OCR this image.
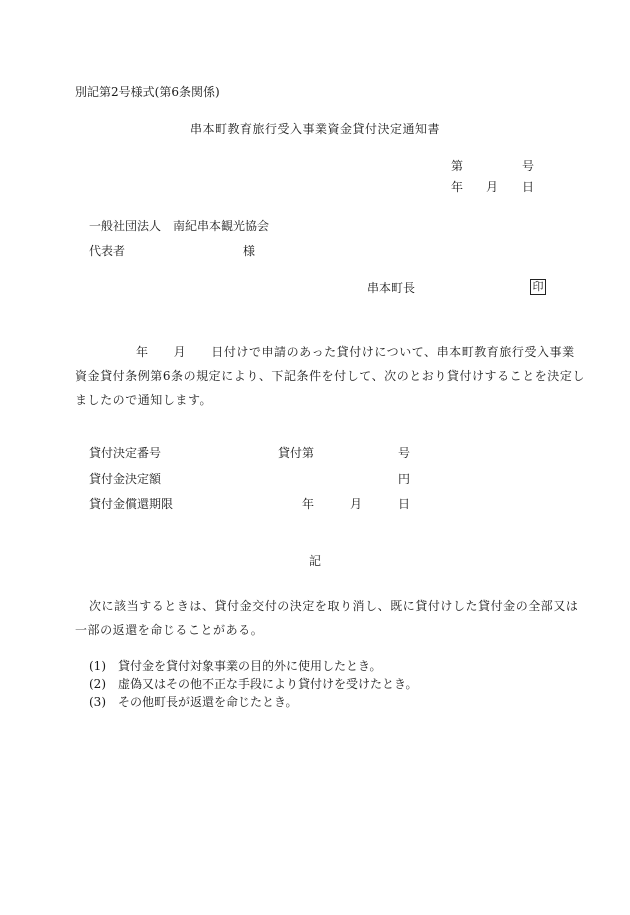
別記第2号様式(第6条関係)
串本町教育旅行受入事業資金貸付決定通知書
第	号
年 月 日
一般社団法人　南紀串本観光協会
代表者	様
串本町長	印
年　　月　　日付けで申請のあった貸付けについて、串本町教育旅行受入事業
資金貸付条例第6条の規定により、下記条件を付して、次のとおり貸付けすることを決定し
ましたので通知します。
貸付決定番号	貸付第	号
貸付金決定額	円
貸付金償還期限	年	月	日
記
次に該当するときは、貸付金交付の決定を取り消し、既に貸付けした貸付金の全部又は
一部の返還を命じることがある。
(1) 貸付金を貸付対象事業の目的外に使用したとき。
(2) 虚偽又はその他不正な手段により貸付けを受けたとき。
(3) その他町長が返還を命じたとき。
